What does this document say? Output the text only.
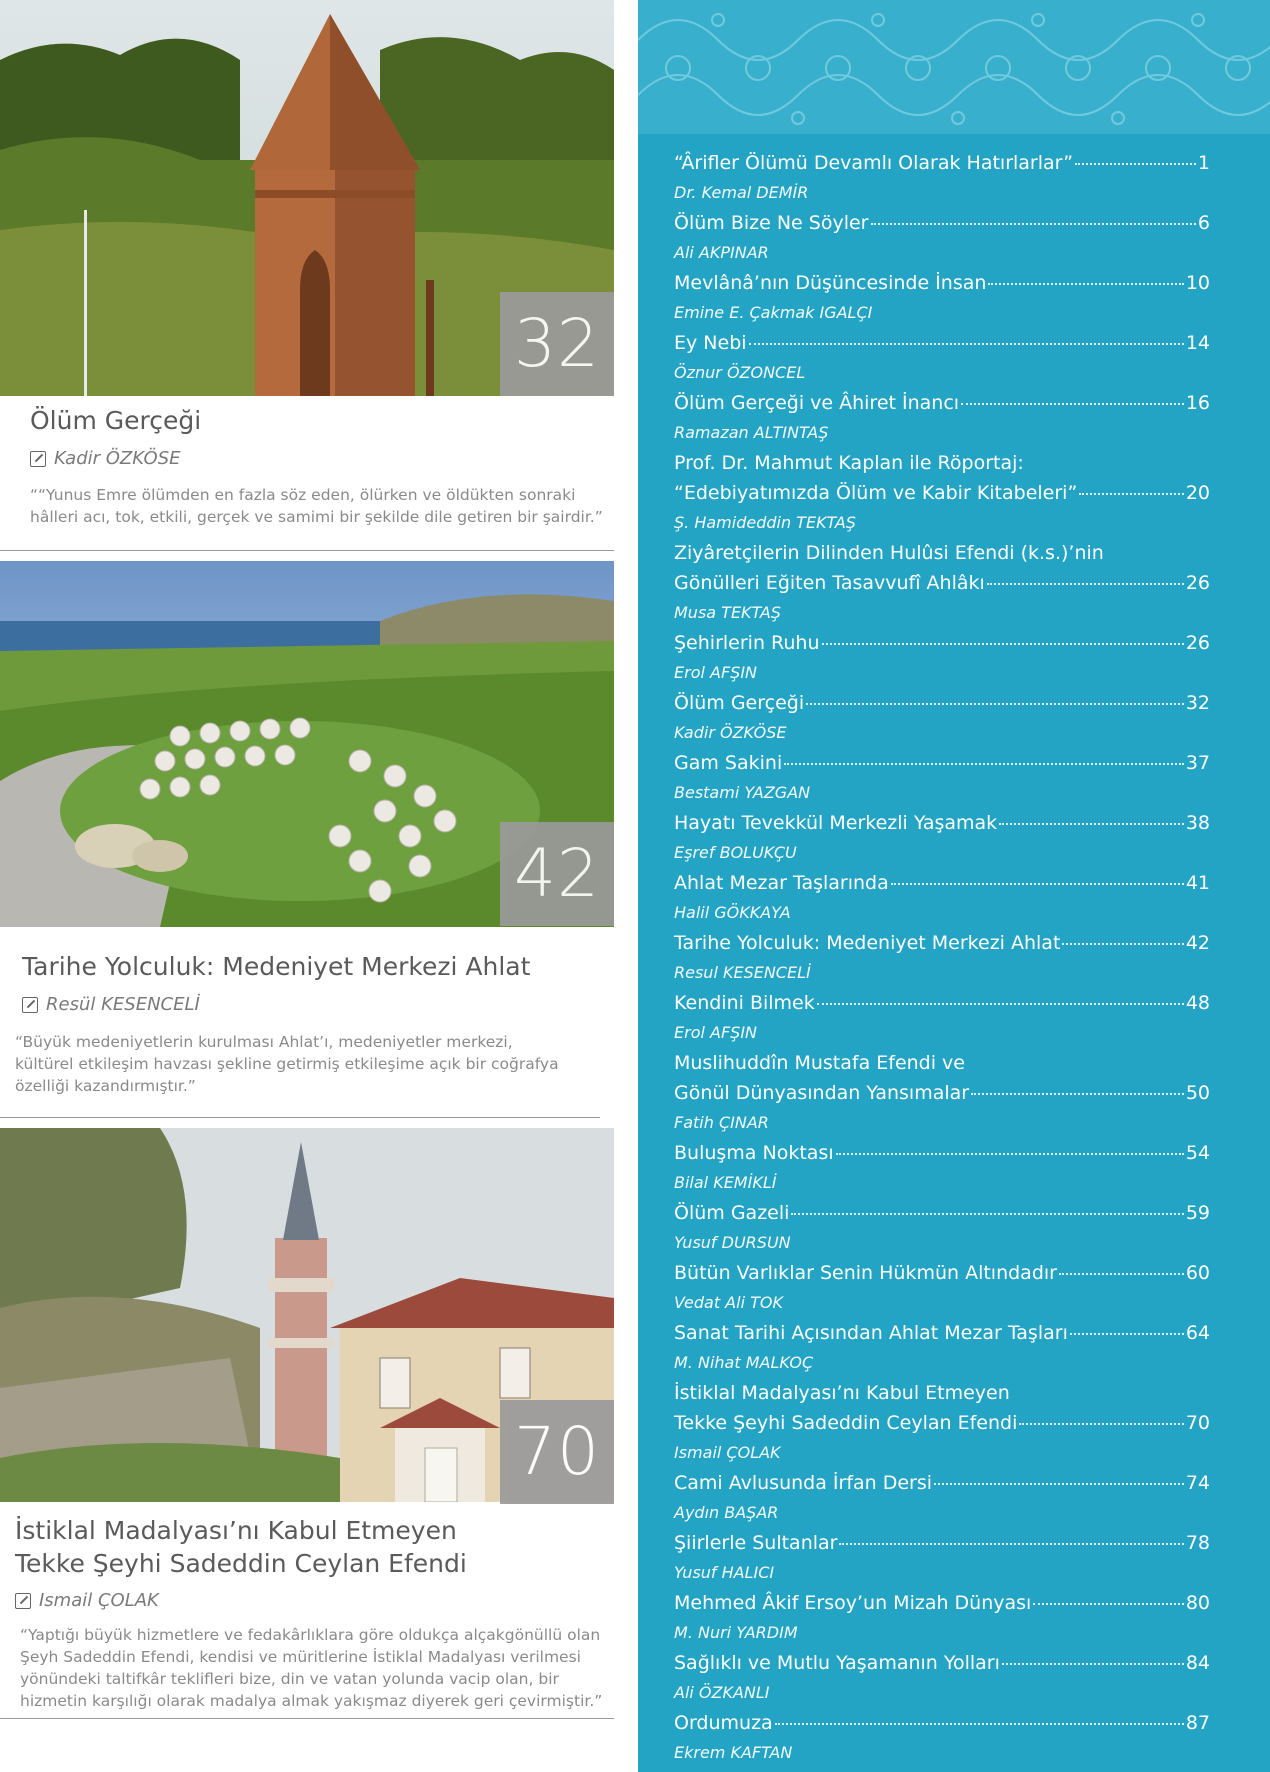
32
Ölüm Gerçeği
Kadir ÖZKÖSE
““Yunus Emre ölümden en fazla söz eden, ölürken ve öldükten sonraki hâlleri acı, tok, etkili, gerçek ve samimi bir şekilde dile getiren bir şairdir.”
42
Tarihe Yolculuk: Medeniyet Merkezi Ahlat
Resül KESENCELİ
“Büyük medeniyetlerin kurulması Ahlat’ı, medeniyetler merkezi, kültürel etkileşim havzası şekline getirmiş etkileşime açık bir coğrafya özelliği kazandırmıştır.”
70
İstiklal Madalyası’nı Kabul Etmeyen
Tekke Şeyhi Sadeddin Ceylan Efendi
Ismail ÇOLAK
“Yaptığı büyük hizmetlere ve fedakârlıklara göre oldukça alçakgönüllü olan Şeyh Sadeddin Efendi, kendisi ve müritlerine İstiklal Madalyası verilmesi yönündeki taltifkâr teklifleri bize, din ve vatan yolunda vacip olan, bir hizmetin karşılığı olarak madalya almak yakışmaz diyerek geri çevirmiştir.”
“Ârifler Ölümü Devamlı Olarak Hatırlarlar”	1
Dr. Kemal DEMİR
Ölüm Bize Ne Söyler	6
Ali AKPINAR
Mevlânâ’nın Düşüncesinde İnsan	10
Emine E. Çakmak IGALÇI
Ey Nebi	14
Öznur ÖZONCEL
Ölüm Gerçeği ve Âhiret İnancı	16
Ramazan ALTINTAŞ
Prof. Dr. Mahmut Kaplan ile Röportaj:
“Edebiyatımızda Ölüm ve Kabir Kitabeleri”	20
Ş. Hamideddin TEKTAŞ
Ziyâretçilerin Dilinden Hulûsi Efendi (k.s.)’nin
Gönülleri Eğiten Tasavvufî Ahlâkı	26
Musa TEKTAŞ
Şehirlerin Ruhu	26
Erol AFŞIN
Ölüm Gerçeği	32
Kadir ÖZKÖSE
Gam Sakini	37
Bestami YAZGAN
Hayatı Tevekkül Merkezli Yaşamak	38
Eşref BOLUKÇU
Ahlat Mezar Taşlarında	41
Halil GÖKKAYA
Tarihe Yolculuk: Medeniyet Merkezi Ahlat	42
Resul KESENCELİ
Kendini Bilmek	48
Erol AFŞIN
Muslihuddîn Mustafa Efendi ve
Gönül Dünyasından Yansımalar	50
Fatih ÇINAR
Buluşma Noktası	54
Bilal KEMİKLİ
Ölüm Gazeli	59
Yusuf DURSUN
Bütün Varlıklar Senin Hükmün Altındadır	60
Vedat Ali TOK
Sanat Tarihi Açısından Ahlat Mezar Taşları	64
M. Nihat MALKOÇ
İstiklal Madalyası’nı Kabul Etmeyen
Tekke Şeyhi Sadeddin Ceylan Efendi	70
Ismail ÇOLAK
Cami Avlusunda İrfan Dersi	74
Aydın BAŞAR
Şiirlerle Sultanlar	78
Yusuf HALICI
Mehmed Âkif Ersoy’un Mizah Dünyası	80
M. Nuri YARDIM
Sağlıklı ve Mutlu Yaşamanın Yolları	84
Ali ÖZKANLI
Ordumuza	87
Ekrem KAFTAN
